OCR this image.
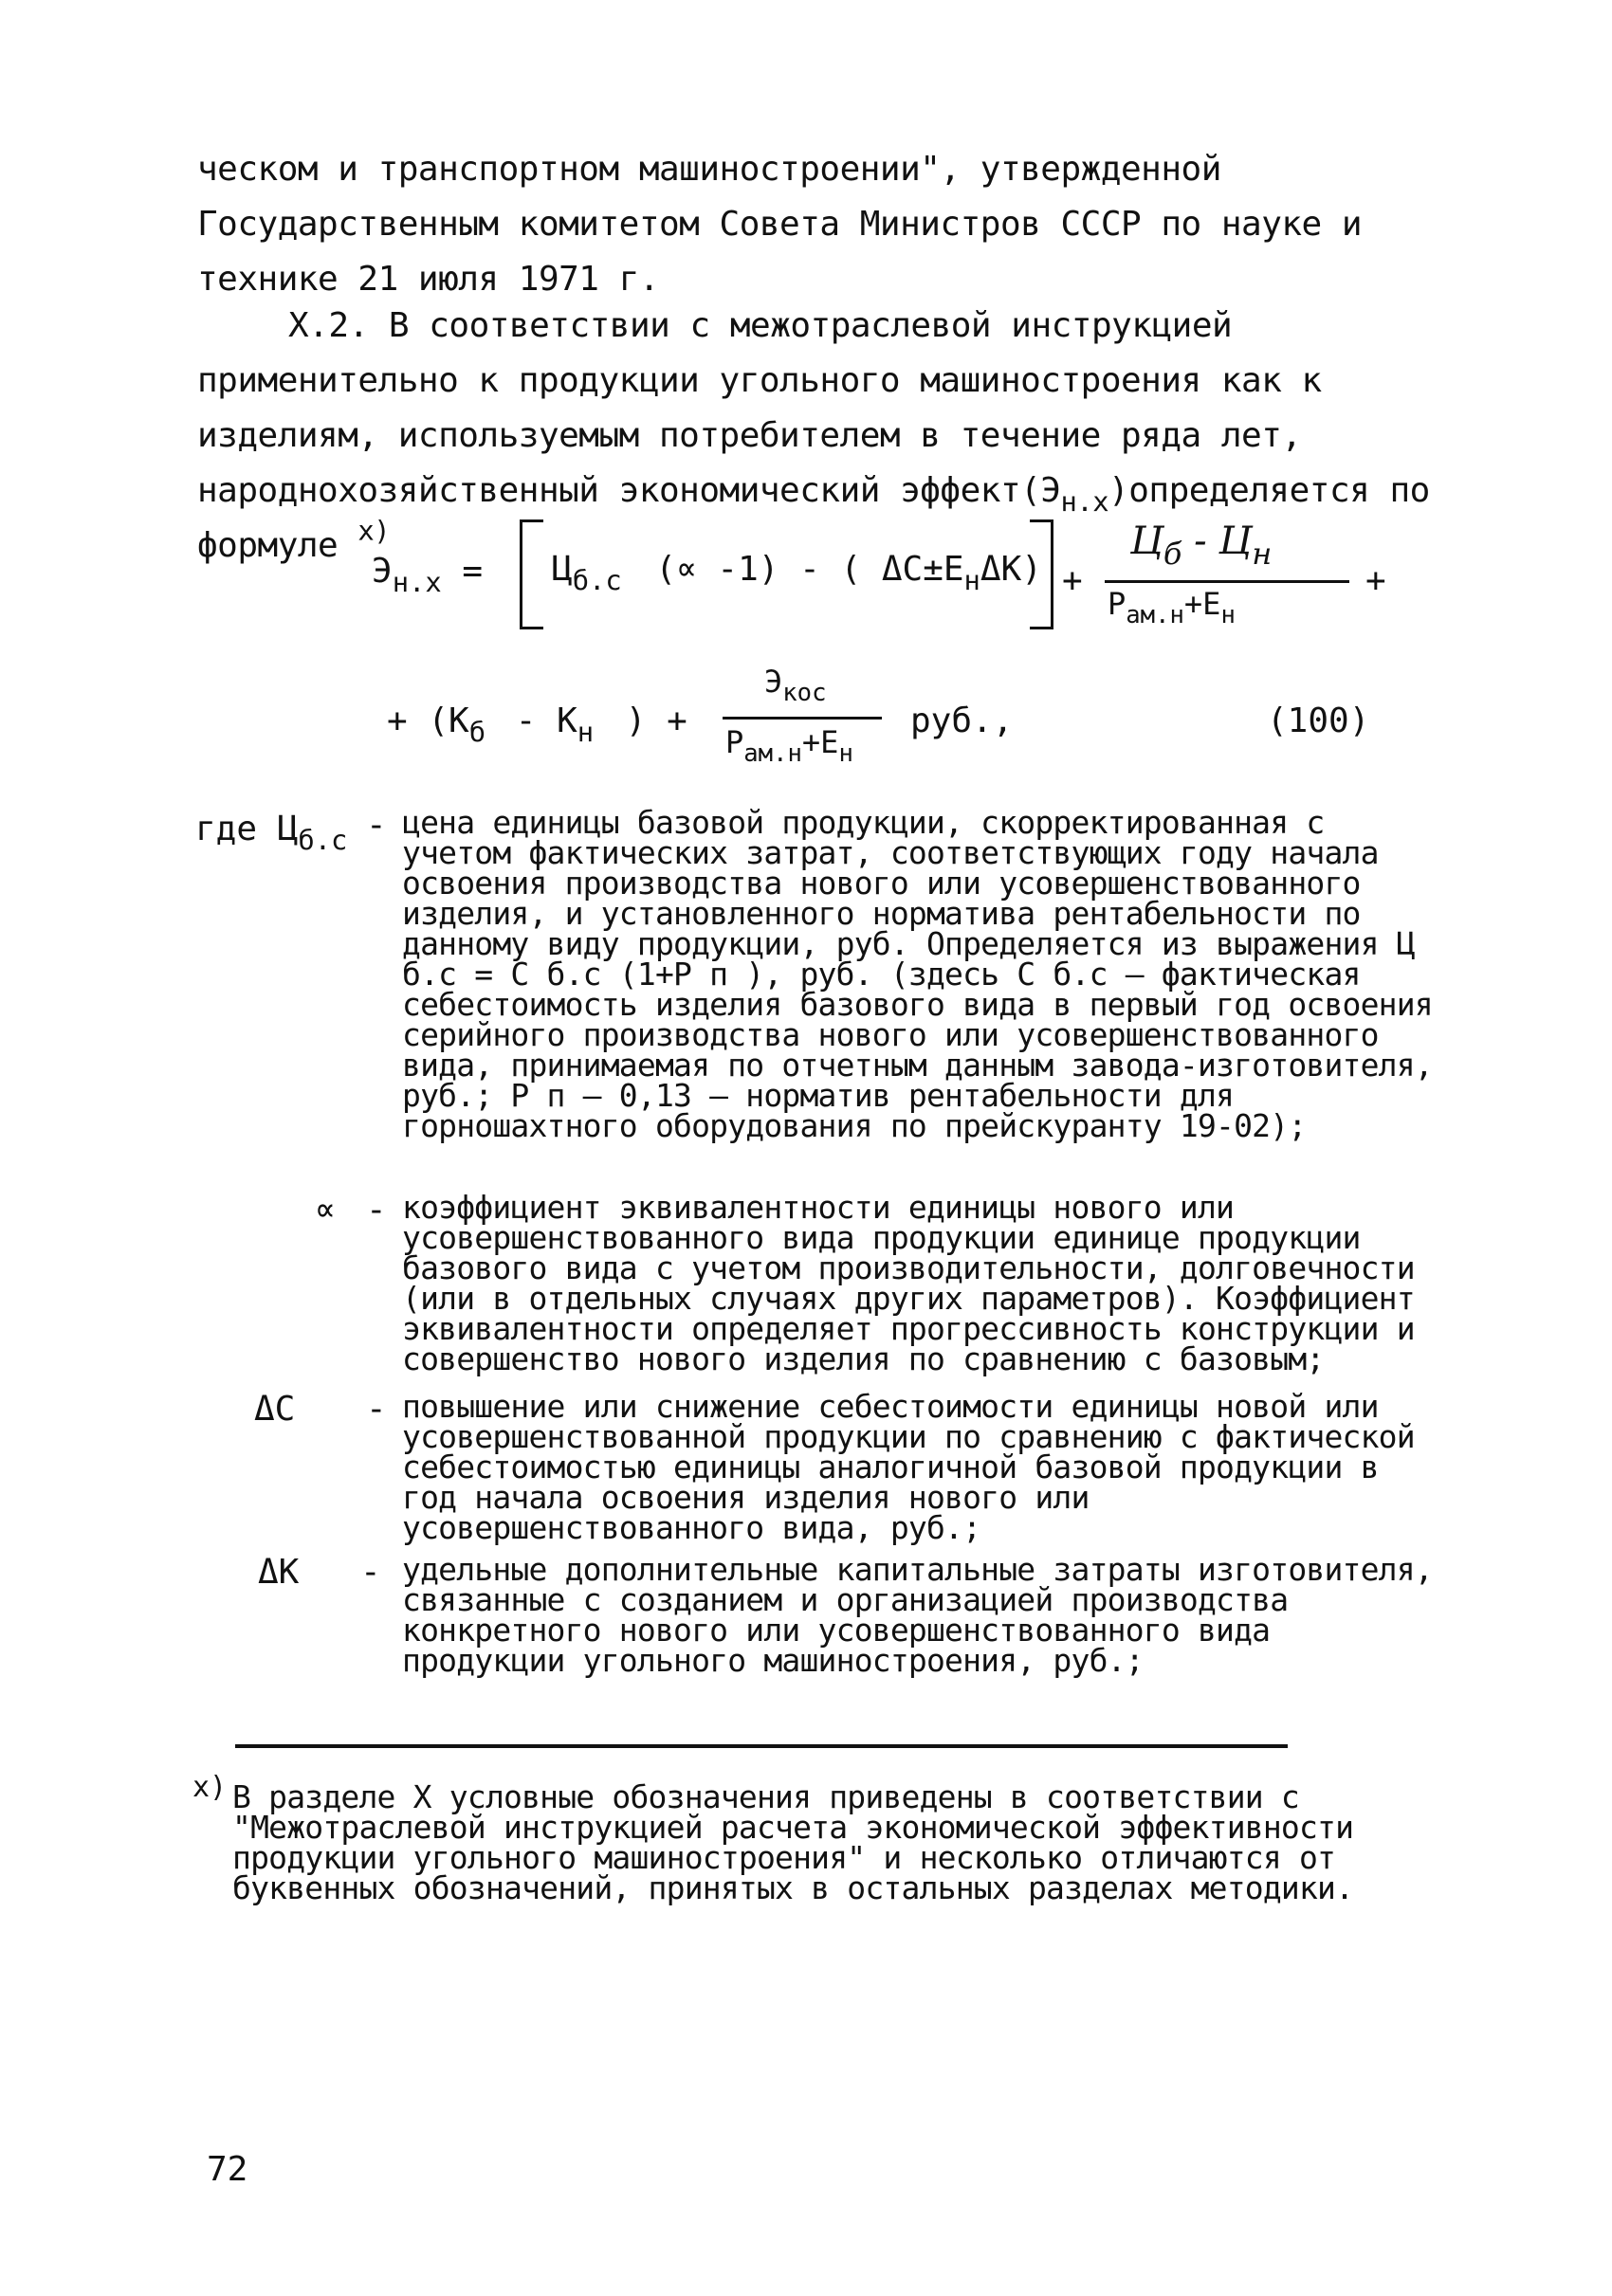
ческом и транспортном машиностроении", утвержденной Государственным комитетом Совета Министров СССР по науке и технике 21 июля 1971 г.

X.2. В соответствии с межотраслевой инструкцией применительно к продукции угольного машиностроения как к изделиям, используемым потребителем в течение ряда лет, народнохозяйственный экономический $эффект(Э_{н.х})определяется$ по формуле $^{x)}$

$Э_{н.х} = Ц_{б.с}$ (∝ -1) - ( $\Delta C\pm E_н\Delta K$) +
$Ц_б - Ц_н$
$Р_{ам.н}+Е_н$
+
+ ($К_б - К_н$ ) +
$Э_{кос}$
$Р_{ам.н}+Е_н$
руб.,	(100)
где $Ц_{б.с}$ - цена единицы базовой продукции, скорректированная с учетом фактических затрат, соответствующих году начала освоения производства нового или усовершенствованного изделия, и установленного норматива рентабельности по данному виду продукции, руб. Определяется из выражения Ц б.с = С б.с (1+Р п ), руб. (здесь С б.с – фактическая себестоимость изделия базового вида в первый год освоения серийного производства нового или усовершенствованного вида, принимаемая по отчетным данным завода-изготовителя, руб.; Р п – 0,13 – норматив рентабельности для горношахтного оборудования по прейскуранту 19-02);
∝ - коэффициент эквивалентности единицы нового или усовершенствованного вида продукции единице продукции базового вида с учетом производительности, долговечности (или в отдельных случаях других параметров). Коэффициент эквивалентности определяет прогрессивность конструкции и совершенство нового изделия по сравнению с базовым;
ΔC - повышение или снижение себестоимости единицы новой или усовершенствованной продукции по сравнению с фактической себестоимостью единицы аналогичной базовой продукции в год начала освоения изделия нового или усовершенствованного вида, руб.;
ΔK - удельные дополнительные капитальные затраты изготовителя, связанные с созданием и организацией производства конкретного нового или усовершенствованного вида продукции угольного машиностроения, руб.;
x) В разделе X условные обозначения приведены в соответствии с "Межотраслевой инструкцией расчета экономической эффективности продукции угольного машиностроения" и несколько отличаются от буквенных обозначений, принятых в остальных разделах методики.
72
